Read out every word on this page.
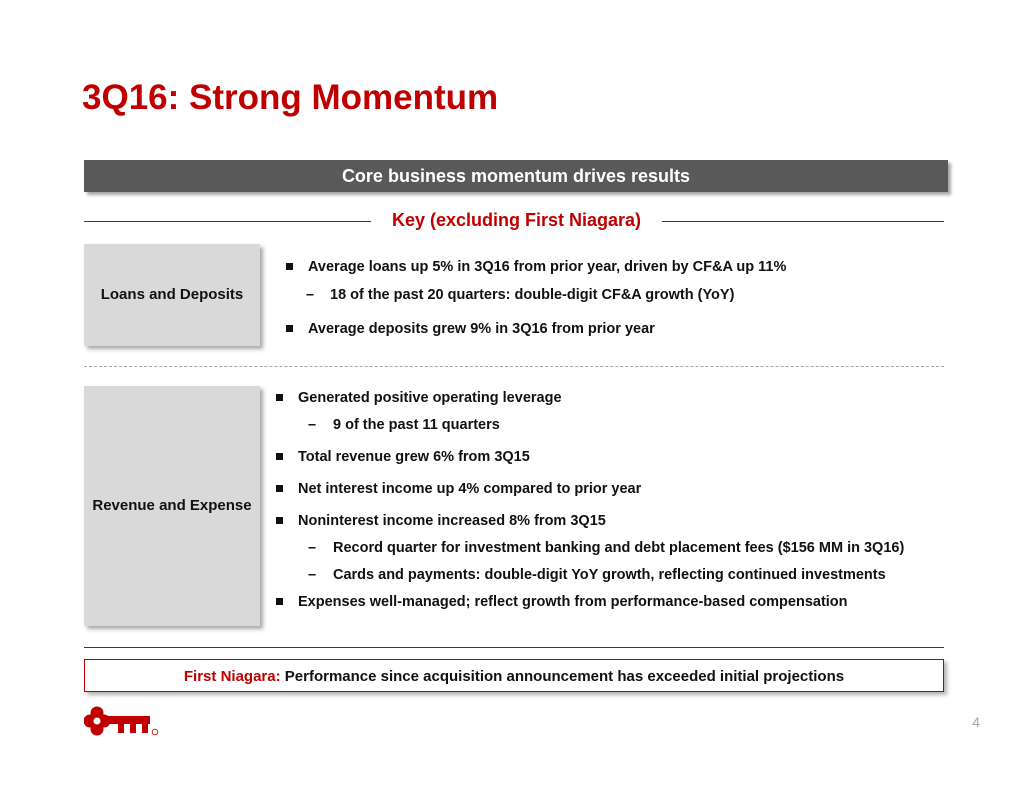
3Q16: Strong Momentum
Core business momentum drives results
Key (excluding First Niagara)
Loans and Deposits
Average loans up 5% in 3Q16 from prior year, driven by CF&A up 11%
– 18 of the past 20 quarters: double-digit CF&A growth (YoY)
Average deposits grew 9% in 3Q16 from prior year
Revenue and Expense
Generated positive operating leverage
– 9 of the past 11 quarters
Total revenue grew 6% from 3Q15
Net interest income up 4% compared to prior year
Noninterest income increased 8% from 3Q15
– Record quarter for investment banking and debt placement fees ($156 MM in 3Q16)
– Cards and payments: double-digit YoY growth, reflecting continued investments
Expenses well-managed; reflect growth from performance-based compensation
First Niagara: Performance since acquisition announcement has exceeded initial projections
4
